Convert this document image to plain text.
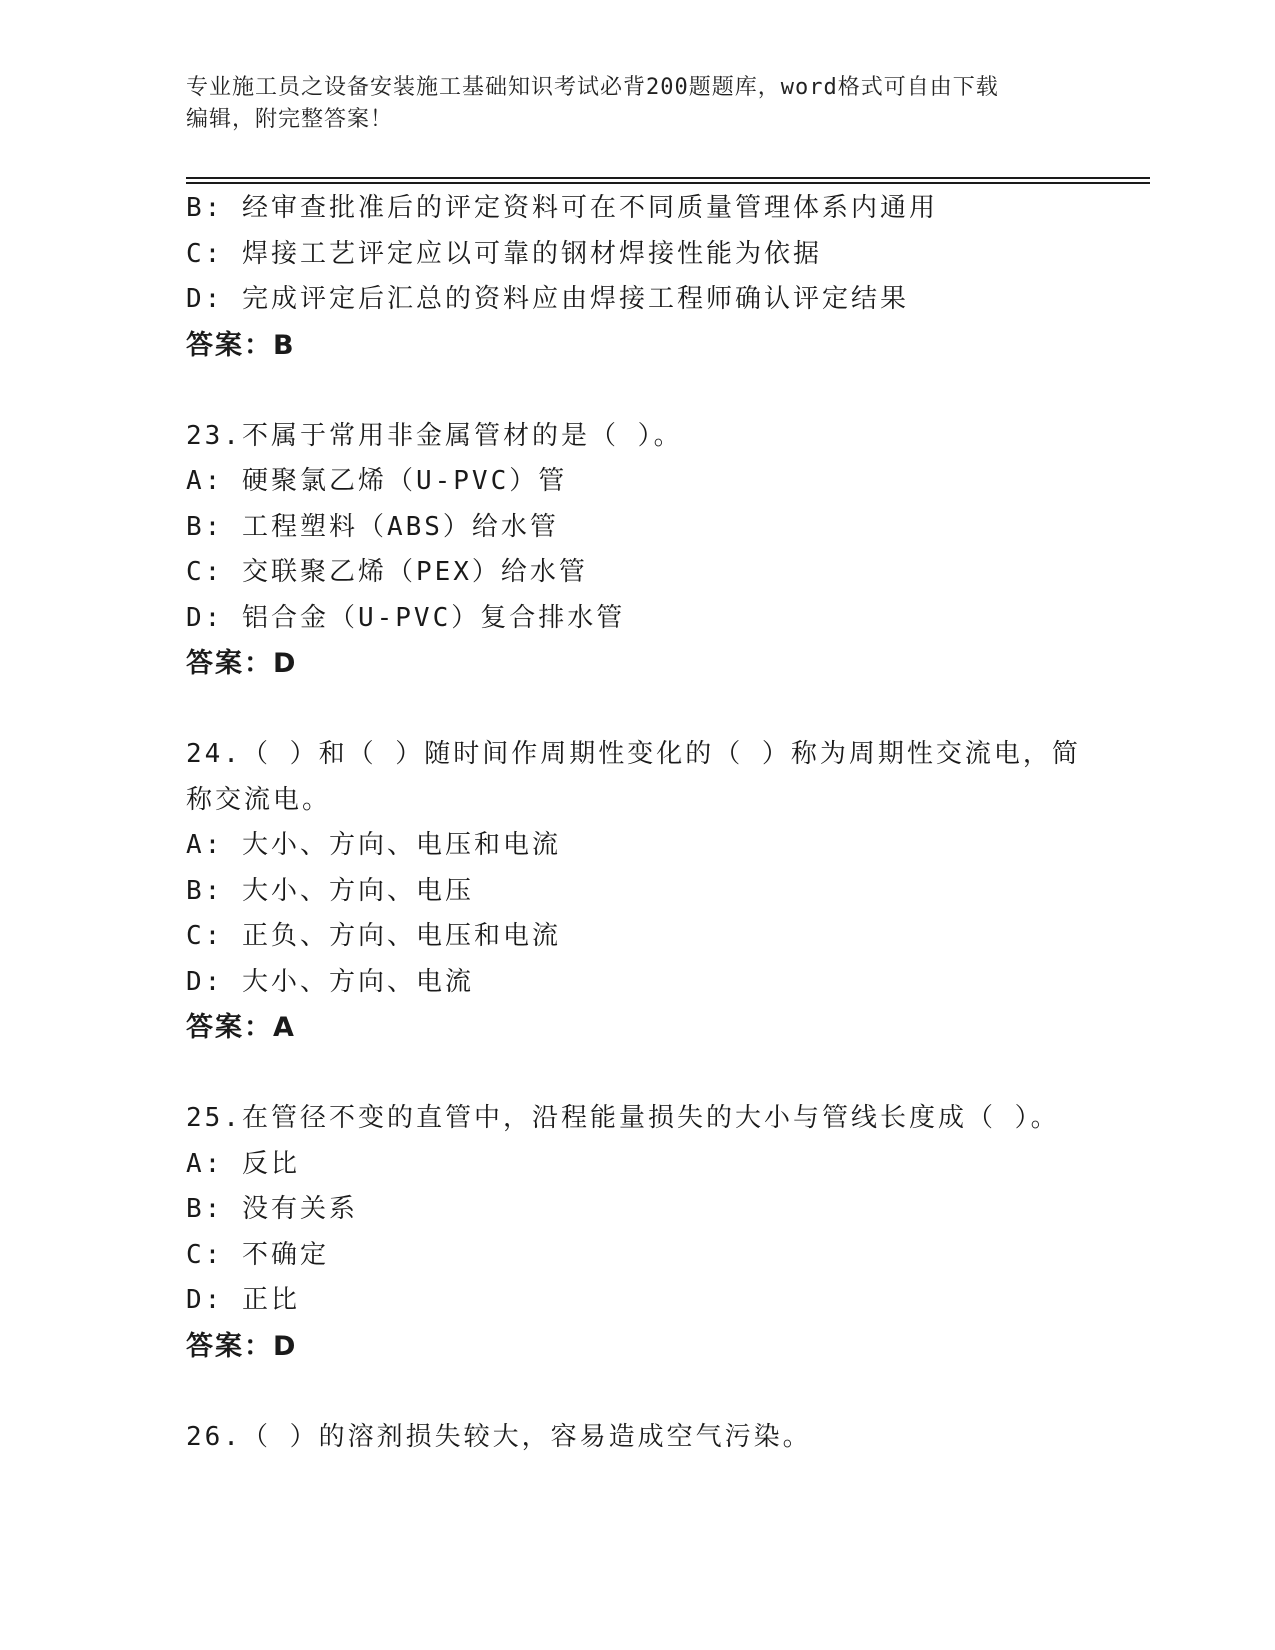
专业施工员之设备安装施工基础知识考试必背200题题库，word格式可自由下载
编辑，附完整答案！
B: 经审查批准后的评定资料可在不同质量管理体系内通用
C: 焊接工艺评定应以可靠的钢材焊接性能为依据
D: 完成评定后汇总的资料应由焊接工程师确认评定结果
答案：B
23.不属于常用非金属管材的是（ ）。
A: 硬聚氯乙烯（U-PVC）管
B: 工程塑料（ABS）给水管
C: 交联聚乙烯（PEX）给水管
D: 铝合金（U-PVC）复合排水管
答案：D
24.（ ）和（ ）随时间作周期性变化的（ ）称为周期性交流电，简
称交流电。
A: 大小、方向、电压和电流
B: 大小、方向、电压
C: 正负、方向、电压和电流
D: 大小、方向、电流
答案：A
25.在管径不变的直管中，沿程能量损失的大小与管线长度成（ ）。
A: 反比
B: 没有关系
C: 不确定
D: 正比
答案：D
26.（ ）的溶剂损失较大，容易造成空气污染。
